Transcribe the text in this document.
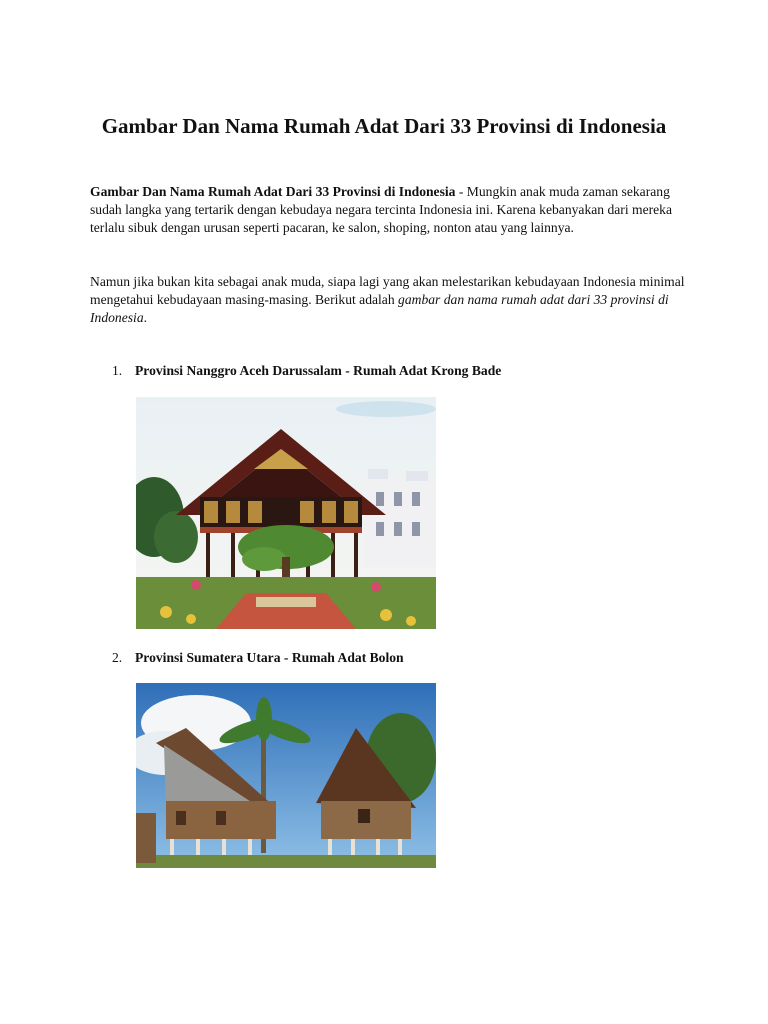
Gambar Dan Nama Rumah Adat Dari 33 Provinsi di Indonesia

Gambar Dan Nama Rumah Adat Dari 33 Provinsi di Indonesia - Mungkin anak muda zaman sekarang sudah langka yang tertarik dengan kebudaya negara tercinta Indonesia ini. Karena kebanyakan dari mereka terlalu sibuk dengan urusan seperti pacaran, ke salon, shoping, nonton atau yang lainnya.

Namun jika bukan kita sebagai anak muda, siapa lagi yang akan melestarikan kebudayaan Indonesia minimal mengetahui kebudayaan masing-masing. Berikut adalah gambar dan nama rumah adat dari 33 provinsi di Indonesia.

1. Provinsi Nanggro Aceh Darussalam - Rumah Adat Krong Bade
2. Provinsi Sumatera Utara - Rumah Adat Bolon
